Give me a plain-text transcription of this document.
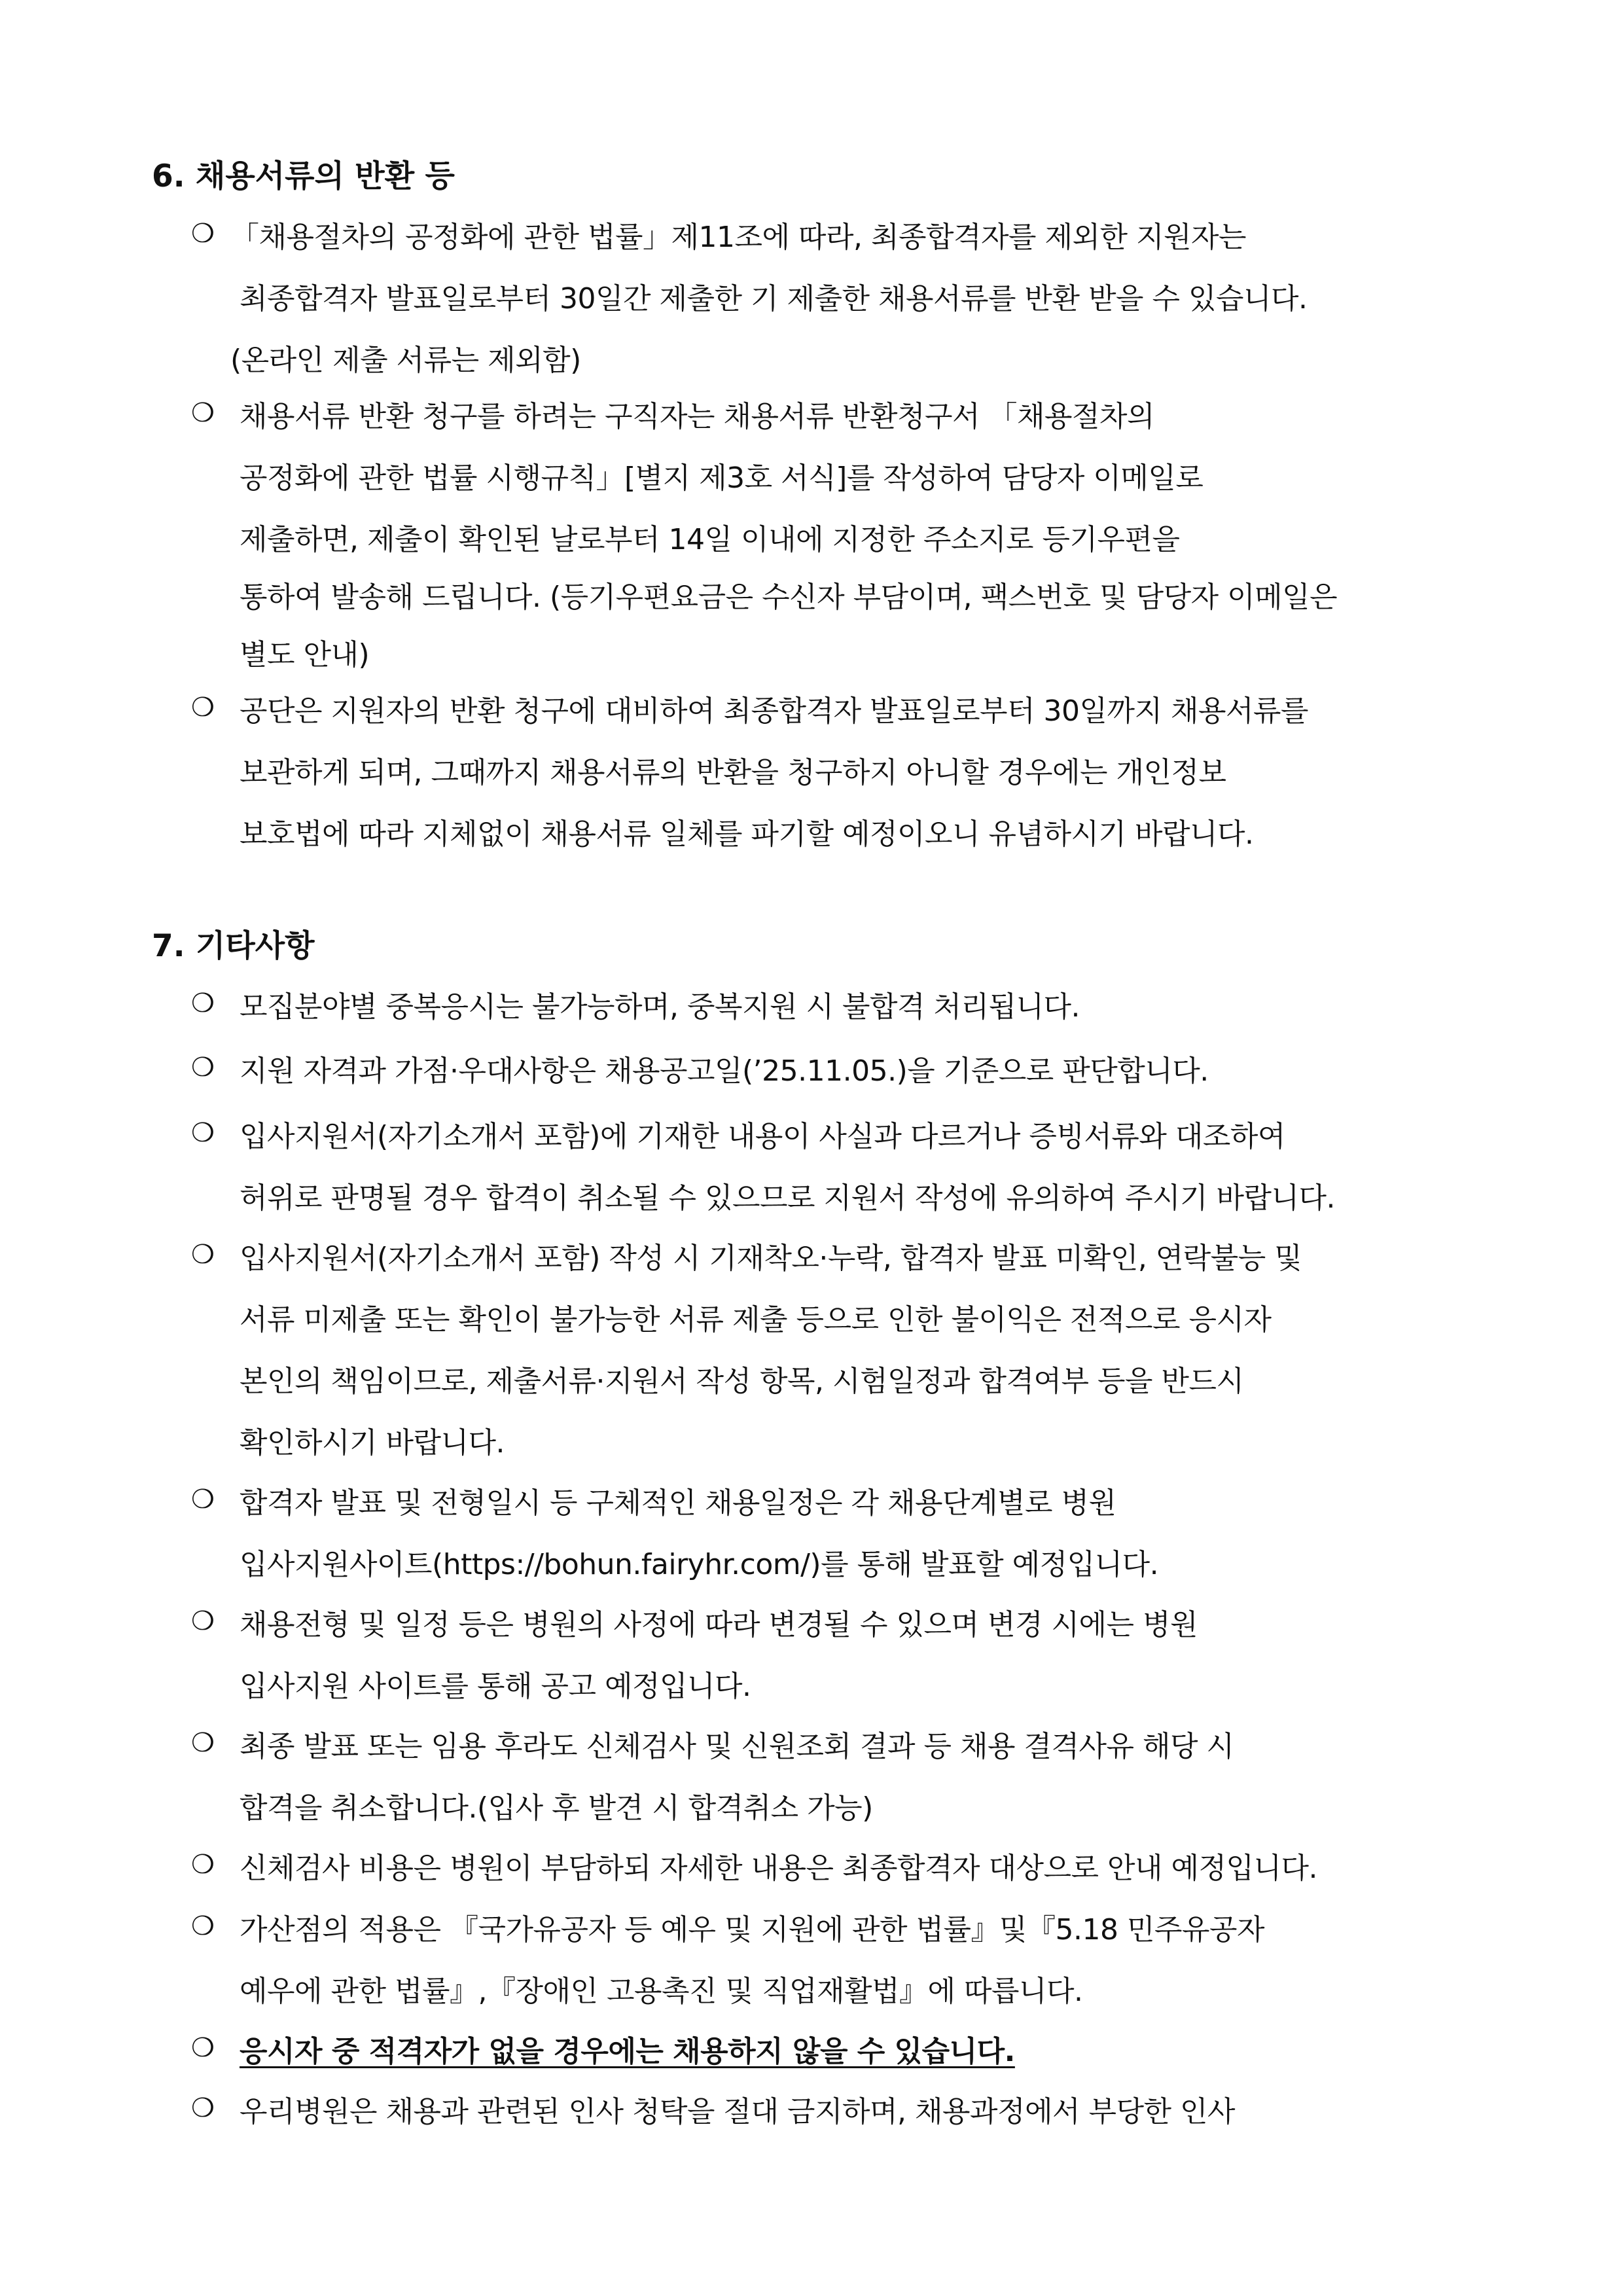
6. 채용서류의 반환 등
❍ 「채용절차의 공정화에 관한 법률」제11조에 따라, 최종합격자를 제외한 지원자는
최종합격자 발표일로부터 30일간 제출한 기 제출한 채용서류를 반환 받을 수 있습니다.
(온라인 제출 서류는 제외함)
❍ 채용서류 반환 청구를 하려는 구직자는 채용서류 반환청구서 「채용절차의
공정화에 관한 법률 시행규칙」[별지 제3호 서식]를 작성하여 담당자 이메일로
제출하면, 제출이 확인된 날로부터 14일 이내에 지정한 주소지로 등기우편을
통하여 발송해 드립니다. (등기우편요금은 수신자 부담이며, 팩스번호 및 담당자 이메일은
별도 안내)
❍ 공단은 지원자의 반환 청구에 대비하여 최종합격자 발표일로부터 30일까지 채용서류를
보관하게 되며, 그때까지 채용서류의 반환을 청구하지 아니할 경우에는 개인정보
보호법에 따라 지체없이 채용서류 일체를 파기할 예정이오니 유념하시기 바랍니다.
7. 기타사항
❍ 모집분야별 중복응시는 불가능하며, 중복지원 시 불합격 처리됩니다.
❍ 지원 자격과 가점·우대사항은 채용공고일(’25.11.05.)을 기준으로 판단합니다.
❍ 입사지원서(자기소개서 포함)에 기재한 내용이 사실과 다르거나 증빙서류와 대조하여
허위로 판명될 경우 합격이 취소될 수 있으므로 지원서 작성에 유의하여 주시기 바랍니다.
❍ 입사지원서(자기소개서 포함) 작성 시 기재착오·누락, 합격자 발표 미확인, 연락불능 및
서류 미제출 또는 확인이 불가능한 서류 제출 등으로 인한 불이익은 전적으로 응시자
본인의 책임이므로, 제출서류·지원서 작성 항목, 시험일정과 합격여부 등을 반드시
확인하시기 바랍니다.
❍ 합격자 발표 및 전형일시 등 구체적인 채용일정은 각 채용단계별로 병원
입사지원사이트(https://bohun.fairyhr.com/)를 통해 발표할 예정입니다.
❍ 채용전형 및 일정 등은 병원의 사정에 따라 변경될 수 있으며 변경 시에는 병원
입사지원 사이트를 통해 공고 예정입니다.
❍ 최종 발표 또는 임용 후라도 신체검사 및 신원조회 결과 등 채용 결격사유 해당 시
합격을 취소합니다.(입사 후 발견 시 합격취소 가능)
❍ 신체검사 비용은 병원이 부담하되 자세한 내용은 최종합격자 대상으로 안내 예정입니다.
❍ 가산점의 적용은 『국가유공자 등 예우 및 지원에 관한 법률』및『5.18 민주유공자
예우에 관한 법률』,『장애인 고용촉진 및 직업재활법』에 따릅니다.
❍ 응시자 중 적격자가 없을 경우에는 채용하지 않을 수 있습니다.
❍ 우리병원은 채용과 관련된 인사 청탁을 절대 금지하며, 채용과정에서 부당한 인사
